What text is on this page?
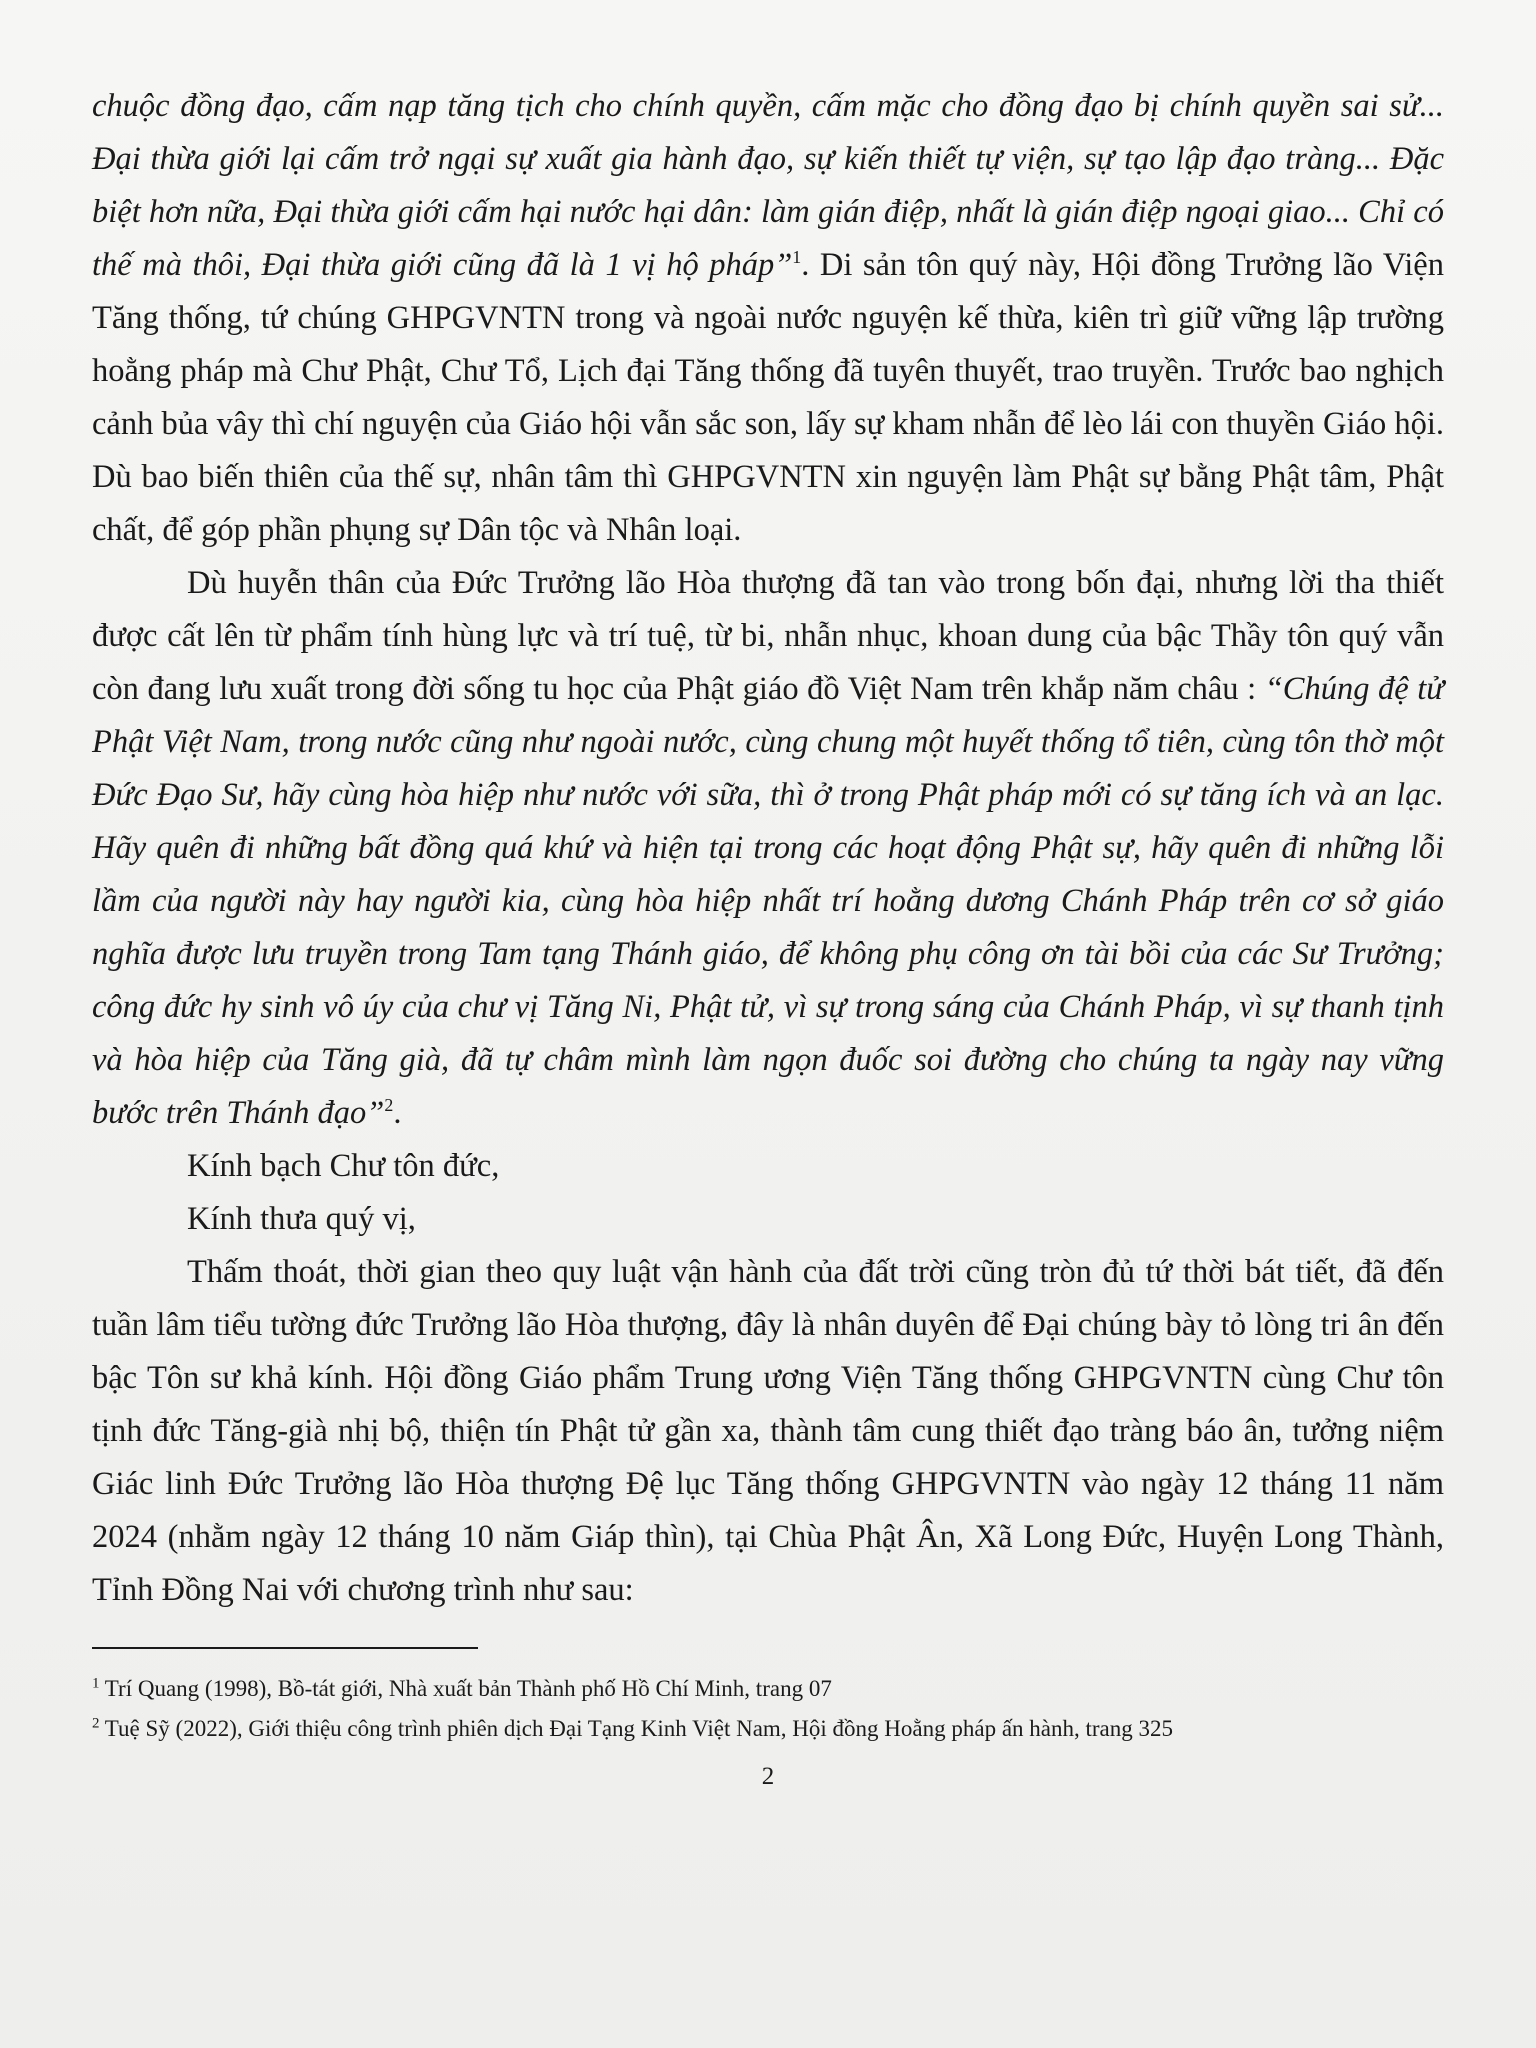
chuộc đồng đạo, cấm nạp tăng tịch cho chính quyền, cấm mặc cho đồng đạo bị chính quyền sai sử... Đại thừa giới lại cấm trở ngại sự xuất gia hành đạo, sự kiến thiết tự viện, sự tạo lập đạo tràng... Đặc biệt hơn nữa, Đại thừa giới cấm hại nước hại dân: làm gián điệp, nhất là gián điệp ngoại giao... Chỉ có thế mà thôi, Đại thừa giới cũng đã là 1 vị hộ pháp”$^1$. Di sản tôn quý này, Hội đồng Trưởng lão Viện Tăng thống, tứ chúng GHPGVNTN trong và ngoài nước nguyện kế thừa, kiên trì giữ vững lập trường hoằng pháp mà Chư Phật, Chư Tổ, Lịch đại Tăng thống đã tuyên thuyết, trao truyền. Trước bao nghịch cảnh bủa vây thì chí nguyện của Giáo hội vẫn sắc son, lấy sự kham nhẫn để lèo lái con thuyền Giáo hội. Dù bao biến thiên của thế sự, nhân tâm thì GHPGVNTN xin nguyện làm Phật sự bằng Phật tâm, Phật chất, để góp phần phụng sự Dân tộc và Nhân loại.

Dù huyễn thân của Đức Trưởng lão Hòa thượng đã tan vào trong bốn đại, nhưng lời tha thiết được cất lên từ phẩm tính hùng lực và trí tuệ, từ bi, nhẫn nhục, khoan dung của bậc Thầy tôn quý vẫn còn đang lưu xuất trong đời sống tu học của Phật giáo đồ Việt Nam trên khắp năm châu : “Chúng đệ tử Phật Việt Nam, trong nước cũng như ngoài nước, cùng chung một huyết thống tổ tiên, cùng tôn thờ một Đức Đạo Sư, hãy cùng hòa hiệp như nước với sữa, thì ở trong Phật pháp mới có sự tăng ích và an lạc. Hãy quên đi những bất đồng quá khứ và hiện tại trong các hoạt động Phật sự, hãy quên đi những lỗi lầm của người này hay người kia, cùng hòa hiệp nhất trí hoằng dương Chánh Pháp trên cơ sở giáo nghĩa được lưu truyền trong Tam tạng Thánh giáo, để không phụ công ơn tài bồi của các Sư Trưởng; công đức hy sinh vô úy của chư vị Tăng Ni, Phật tử, vì sự trong sáng của Chánh Pháp, vì sự thanh tịnh và hòa hiệp của Tăng già, đã tự châm mình làm ngọn đuốc soi đường cho chúng ta ngày nay vững bước trên Thánh đạo”$^2$.

Kính bạch Chư tôn đức,

Kính thưa quý vị,

Thấm thoát, thời gian theo quy luật vận hành của đất trời cũng tròn đủ tứ thời bát tiết, đã đến tuần lâm tiểu tường đức Trưởng lão Hòa thượng, đây là nhân duyên để Đại chúng bày tỏ lòng tri ân đến bậc Tôn sư khả kính. Hội đồng Giáo phẩm Trung ương Viện Tăng thống GHPGVNTN cùng Chư tôn tịnh đức Tăng-già nhị bộ, thiện tín Phật tử gần xa, thành tâm cung thiết đạo tràng báo ân, tưởng niệm Giác linh Đức Trưởng lão Hòa thượng Đệ lục Tăng thống GHPGVNTN vào ngày 12 tháng 11 năm 2024 (nhằm ngày 12 tháng 10 năm Giáp thìn), tại Chùa Phật Ân, Xã Long Đức, Huyện Long Thành, Tỉnh Đồng Nai với chương trình như sau:

$^1$ Trí Quang (1998), Bồ-tát giới, Nhà xuất bản Thành phố Hồ Chí Minh, trang 07
$^2$ Tuệ Sỹ (2022), Giới thiệu công trình phiên dịch Đại Tạng Kinh Việt Nam, Hội đồng Hoằng pháp ấn hành, trang 325
2
